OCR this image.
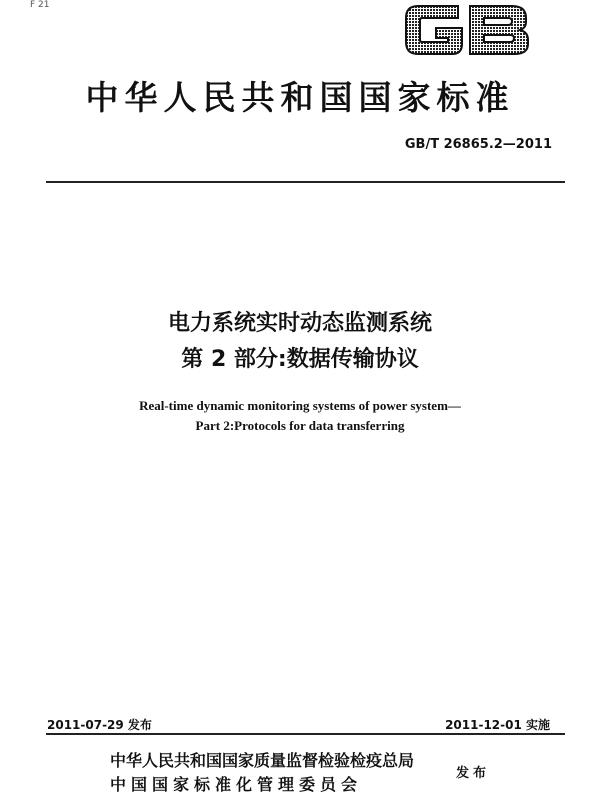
F 21
中华人民共和国国家标准
GB/T 26865.2—2011
电力系统实时动态监测系统
第 2 部分:数据传输协议
Real-time dynamic monitoring systems of power system—
Part 2:Protocols for data transferring
2011-07-29 发布	2011-12-01 实施
中华人民共和国国家质量监督检验检疫总局
中国国家标准化管理委员会
发布
